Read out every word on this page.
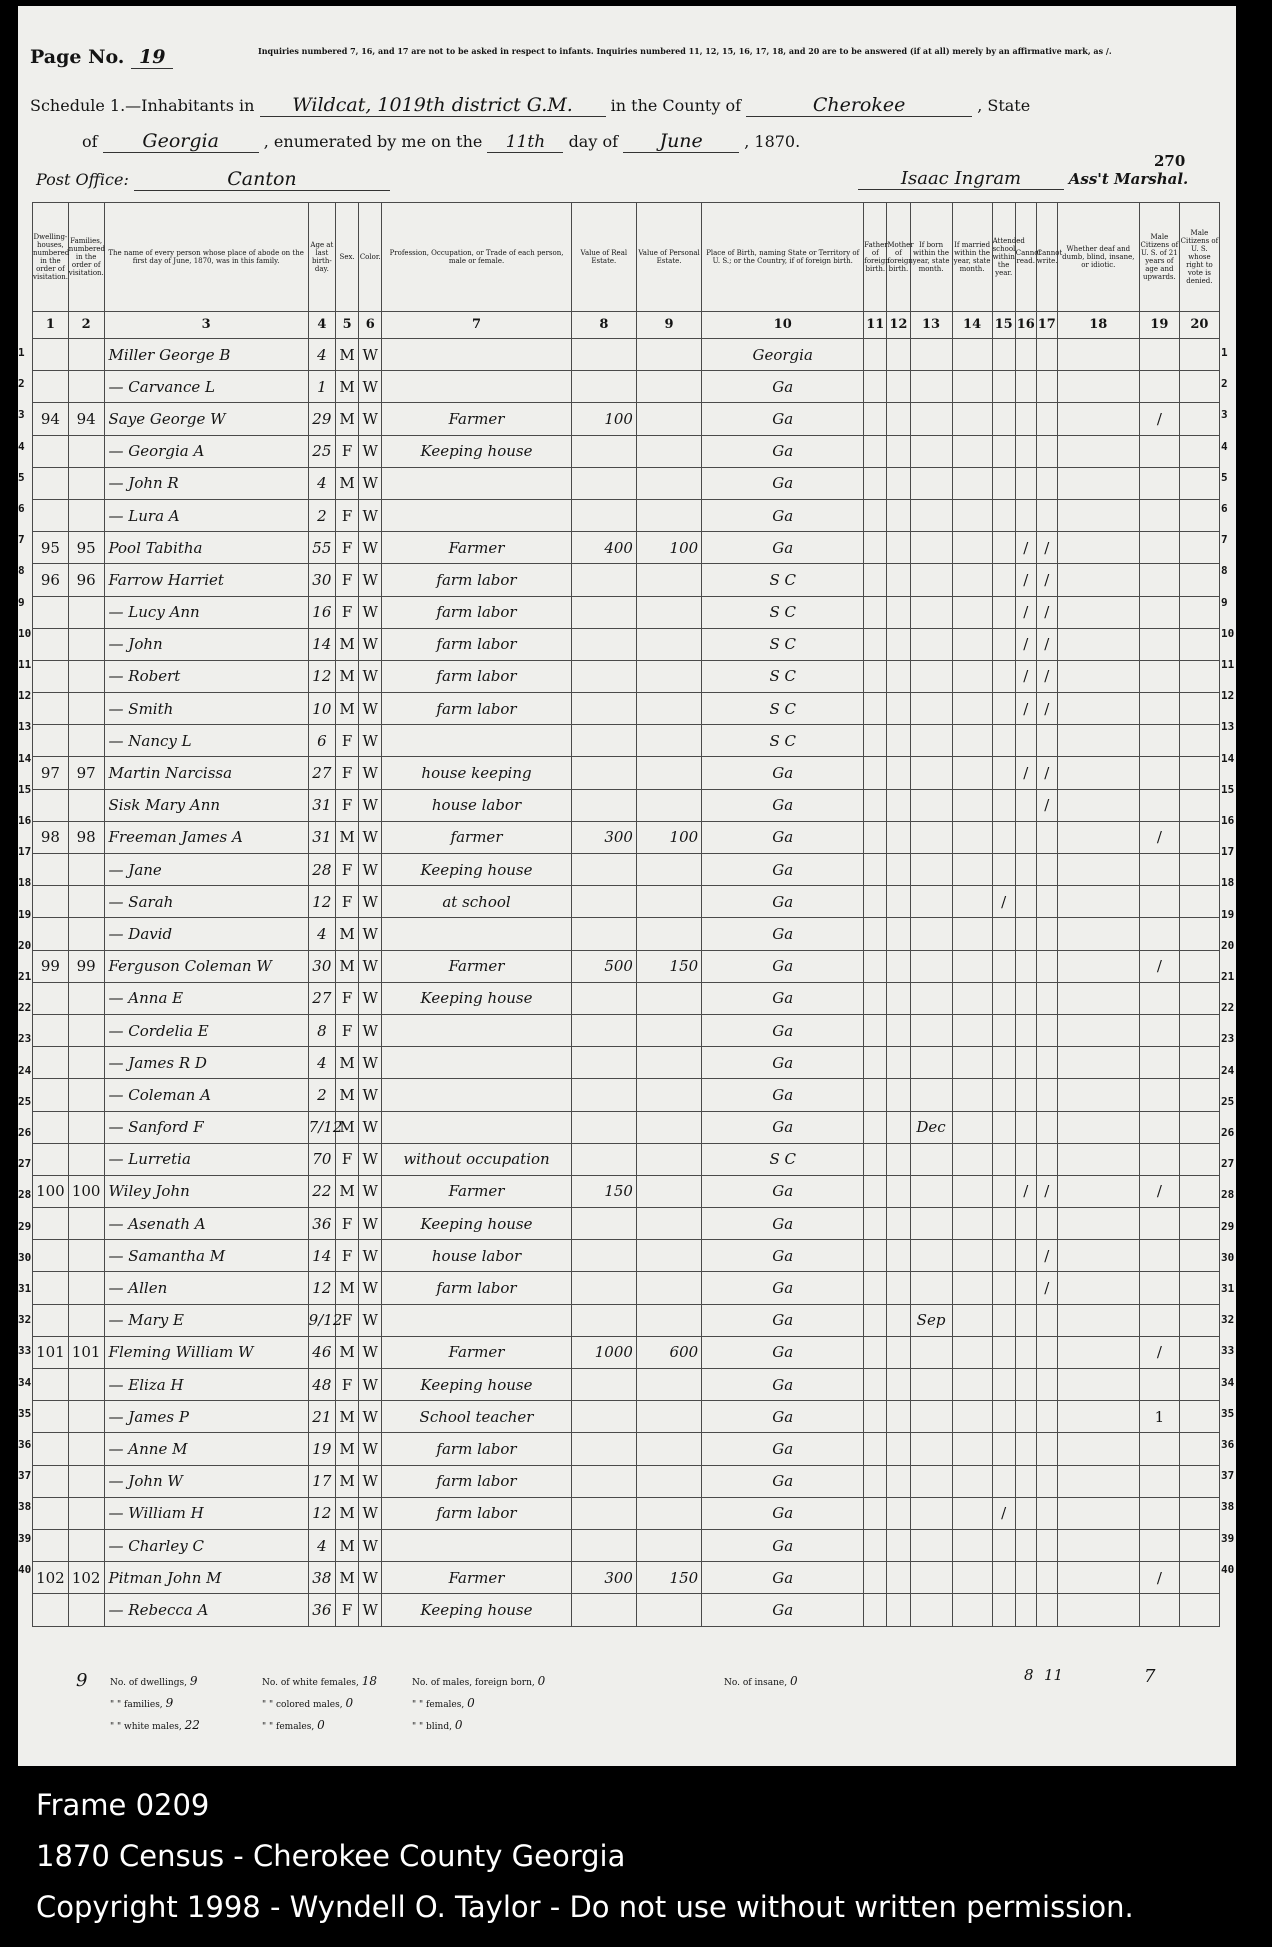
Page No. 19	Inquiries numbered 7, 16, and 17 are not to be asked in respect to infants. Inquiries numbered 11, 12, 15, 16, 17, 18, and 20 are to be answered (if at all) merely by an affirmative mark, as /.
Schedule 1.—Inhabitants in Wildcat, 1019th district G.M. in the County of	Cherokee	, State
of Georgia	, enumerated by me on the 11th day of June	, 1870.
Post Office:	Canton	Isaac Ingram	Ass't Marshal.
270
Dwelling-houses, numbered in the order of visitation.	Families, numbered in the order of visitation.	The name of every person whose place of abode on the first day of June, 1870, was in this family.	Age at last birth-day.	Sex.	Color.	Profession, Occupation, or Trade of each person, male or female.	Value of Real Estate.	Value of Personal Estate.	Place of Birth, naming State or Territory of U. S.; or the Country, if of foreign birth.	Father of foreign birth.	Mother of foreign birth.	If born within the year, state month.	If married within the year, state month.	Attended school within the year.	Cannot read.	Cannot write.	Whether deaf and dumb, blind, insane, or idiotic.	Male Citizens of U. S. of 21 years of age and upwards.	Male Citizens of U. S. whose right to vote is denied.
1	2	3	4	5	6	7	8	9	10	11	12	13	14	15	16	17	18	19	20
		Miller George B	4	M	W				Georgia										
		— Carvance L	1	M	W				Ga										
94	94	Saye George W	29	M	W	Farmer	100		Ga									/	
		— Georgia A	25	F	W	Keeping house			Ga										
		— John R	4	M	W				Ga										
		— Lura A	2	F	W				Ga										
95	95	Pool Tabitha	55	F	W	Farmer	400	100	Ga						/	/			
96	96	Farrow Harriet	30	F	W	farm labor			S C						/	/			
		— Lucy Ann	16	F	W	farm labor			S C						/	/			
		— John	14	M	W	farm labor			S C						/	/			
		— Robert	12	M	W	farm labor			S C						/	/			
		— Smith	10	M	W	farm labor			S C						/	/			
		— Nancy L	6	F	W				S C										
97	97	Martin Narcissa	27	F	W	house keeping			Ga						/	/			
		Sisk Mary Ann	31	F	W	house labor			Ga							/			
98	98	Freeman James A	31	M	W	farmer	300	100	Ga									/	
		— Jane	28	F	W	Keeping house			Ga										
		— Sarah	12	F	W	at school			Ga					/					
		— David	4	M	W				Ga										
99	99	Ferguson Coleman W	30	M	W	Farmer	500	150	Ga									/	
		— Anna E	27	F	W	Keeping house			Ga										
		— Cordelia E	8	F	W				Ga										
		— James R D	4	M	W				Ga										
		— Coleman A	2	M	W				Ga										
		— Sanford F	7/12	M	W				Ga			Dec							
		— Lurretia	70	F	W	without occupation			S C										
100	100	Wiley John	22	M	W	Farmer	150		Ga						/	/		/	
		— Asenath A	36	F	W	Keeping house			Ga										
		— Samantha M	14	F	W	house labor			Ga							/			
		— Allen	12	M	W	farm labor			Ga							/			
		— Mary E	9/12	F	W				Ga			Sep							
101	101	Fleming William W	46	M	W	Farmer	1000	600	Ga									/	
		— Eliza H	48	F	W	Keeping house			Ga										
		— James P	21	M	W	School teacher			Ga									1	
		— Anne M	19	M	W	farm labor			Ga										
		— John W	17	M	W	farm labor			Ga										
		— William H	12	M	W	farm labor			Ga					/					
		— Charley C	4	M	W				Ga										
102	102	Pitman John M	38	M	W	Farmer	300	150	Ga									/	
		— Rebecca A	36	F	W	Keeping house			Ga										
9	No. of dwellings, 9
" " families, 9
" " white males, 22
No. of white females, 18
" " colored males, 0
" " females, 0
No. of males, foreign born, 0
" " females, 0
" " blind, 0
No. of insane, 0	8 11	7
1	1
2	2
3	3
4	4
5	5
6	6
7	7
8	8
9	9
10	10
11	11
12	12
13	13
14	14
15	15
16	16
17	17
18	18
19	19
20	20
21	21
22	22
23	23
24	24
25	25
26	26
27	27
28	28
29	29
30	30
31	31
32	32
33	33
34	34
35	35
36	36
37	37
38	38
39	39
40	40
Frame 0209
1870 Census - Cherokee County Georgia
Copyright 1998 - Wyndell O. Taylor - Do not use without written permission.
